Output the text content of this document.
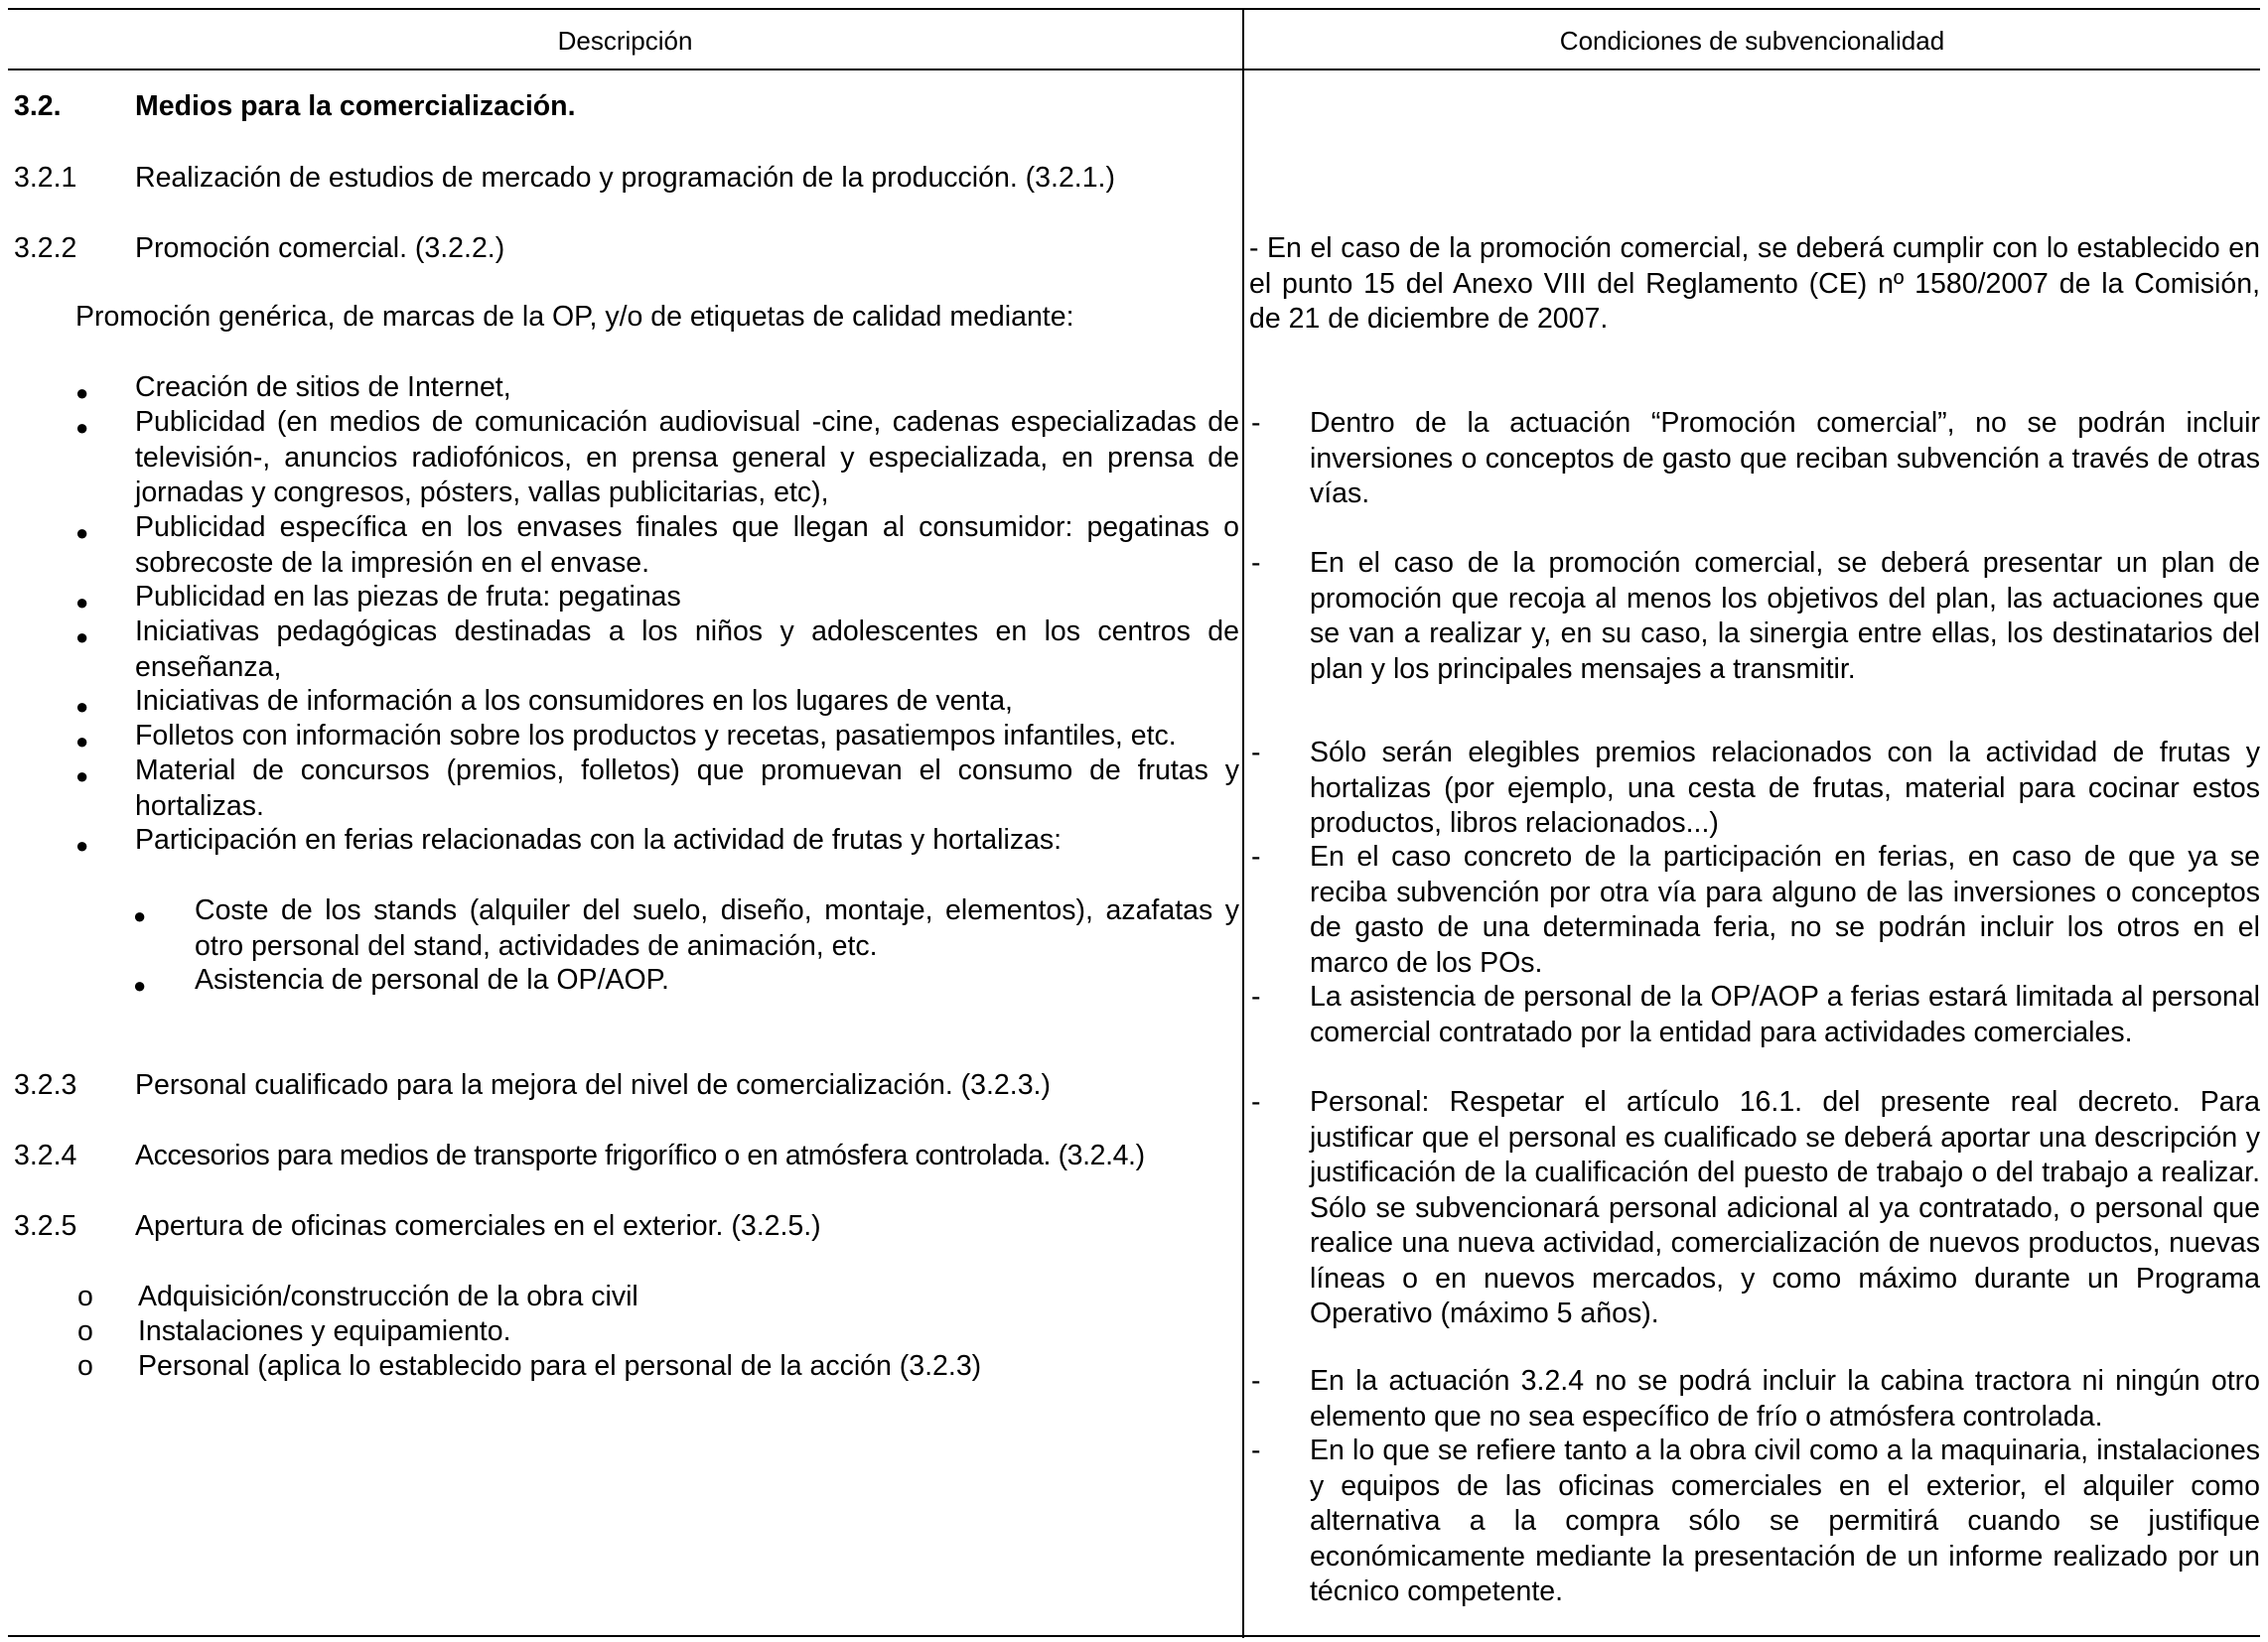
Descripción	Condiciones de subvencionalidad
3.2.	Medios para la comercialización.
3.2.1 Realización de estudios de mercado y programación de la producción. (3.2.1.)
3.2.2 Promoción comercial. (3.2.2.)
Promoción genérica, de marcas de la OP, y/o de etiquetas de calidad mediante:
● Creación de sitios de Internet,
● Publicidad (en medios de comunicación audiovisual -cine, cadenas especializadas de televisión-, anuncios radiofónicos, en prensa general y especializada, en prensa de jornadas y congresos, pósters, vallas publicitarias, etc),
● Publicidad específica en los envases finales que llegan al consumidor: pegatinas o sobrecoste de la impresión en el envase.
● Publicidad en las piezas de fruta: pegatinas
● Iniciativas pedagógicas destinadas a los niños y adolescentes en los centros de enseñanza,
● Iniciativas de información a los consumidores en los lugares de venta,
● Folletos con información sobre los productos y recetas, pasatiempos infantiles, etc.
● Material de concursos (premios, folletos) que promuevan el consumo de frutas y hortalizas.
● Participación en ferias relacionadas con la actividad de frutas y hortalizas:
● Coste de los stands (alquiler del suelo, diseño, montaje, elementos), azafatas y otro personal del stand, actividades de animación, etc.
● Asistencia de personal de la OP/AOP.
3.2.3 Personal cualificado para la mejora del nivel de comercialización. (3.2.3.)
3.2.4 Accesorios para medios de transporte frigorífico o en atmósfera controlada. (3.2.4.)
3.2.5 Apertura de oficinas comerciales en el exterior. (3.2.5.)
o Adquisición/construcción de la obra civil
o Instalaciones y equipamiento.
o Personal (aplica lo establecido para el personal de la acción (3.2.3)
- En el caso de la promoción comercial, se deberá cumplir con lo establecido en el punto 15 del Anexo VIII del Reglamento (CE) nº 1580/2007 de la Comisión, de 21 de diciembre de 2007.
- Dentro de la actuación “Promoción comercial”, no se podrán incluir inversiones o conceptos de gasto que reciban subvención a través de otras vías.
- En el caso de la promoción comercial, se deberá presentar un plan de promoción que recoja al menos los objetivos del plan, las actuaciones que se van a realizar y, en su caso, la sinergia entre ellas, los destinatarios del plan y los principales mensajes a transmitir.
- Sólo serán elegibles premios relacionados con la actividad de frutas y hortalizas (por ejemplo, una cesta de frutas, material para cocinar estos productos, libros relacionados...)
- En el caso concreto de la participación en ferias, en caso de que ya se reciba subvención por otra vía para alguno de las inversiones o conceptos de gasto de una determinada feria, no se podrán incluir los otros en el marco de los POs.
- La asistencia de personal de la OP/AOP a ferias estará limitada al personal comercial contratado por la entidad para actividades comerciales.
- Personal: Respetar el artículo 16.1. del presente real decreto. Para justificar que el personal es cualificado se deberá aportar una descripción y justificación de la cualificación del puesto de trabajo o del trabajo a realizar. Sólo se subvencionará personal adicional al ya contratado, o personal que realice una nueva actividad, comercialización de nuevos productos, nuevas líneas o en nuevos mercados, y como máximo durante un Programa Operativo (máximo 5 años).
- En la actuación 3.2.4 no se podrá incluir la cabina tractora ni ningún otro elemento que no sea específico de frío o atmósfera controlada.
- En lo que se refiere tanto a la obra civil como a la maquinaria, instalaciones y equipos de las oficinas comerciales en el exterior, el alquiler como alternativa a la compra sólo se permitirá cuando se justifique económicamente mediante la presentación de un informe realizado por un técnico competente.
